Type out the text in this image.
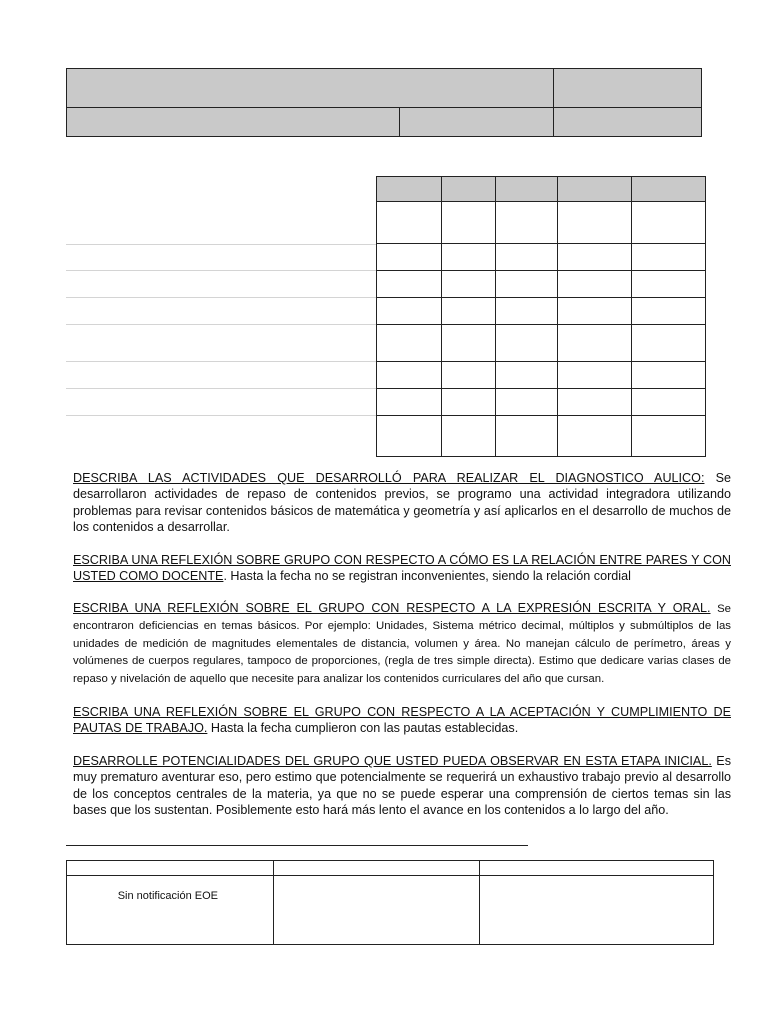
DESCRIBA LAS ACTIVIDADES QUE DESARROLLÓ PARA REALIZAR EL DIAGNOSTICO AULICO: Se desarrollaron actividades de repaso de contenidos previos, se programo una actividad integradora utilizando problemas para revisar contenidos básicos de matemática y geometría y así aplicarlos en el desarrollo de muchos de los contenidos a desarrollar.

ESCRIBA UNA REFLEXIÓN SOBRE GRUPO CON RESPECTO A CÓMO ES LA RELACIÓN ENTRE PARES Y CON USTED COMO DOCENTE. Hasta la fecha no se registran inconvenientes, siendo la relación cordial

ESCRIBA UNA REFLEXIÓN SOBRE EL GRUPO CON RESPECTO A LA EXPRESIÓN ESCRITA Y ORAL. Se encontraron deficiencias en temas básicos. Por ejemplo: Unidades, Sistema métrico decimal, múltiplos y submúltiplos de las unidades de medición de magnitudes elementales de distancia, volumen y área. No manejan cálculo de perímetro, áreas y volúmenes de cuerpos regulares, tampoco de proporciones, (regla de tres simple directa). Estimo que dedicare varias clases de repaso y nivelación de aquello que necesite para analizar los contenidos curriculares del año que cursan.

ESCRIBA UNA REFLEXIÓN SOBRE EL GRUPO CON RESPECTO A LA ACEPTACIÓN Y CUMPLIMIENTO DE PAUTAS DE TRABAJO. Hasta la fecha cumplieron con las pautas establecidas.

DESARROLLE POTENCIALIDADES DEL GRUPO QUE USTED PUEDA OBSERVAR EN ESTA ETAPA INICIAL. Es muy prematuro aventurar eso, pero estimo que potencialmente se requerirá un exhaustivo trabajo previo al desarrollo de los conceptos centrales de la materia, ya que no se puede esperar una comprensión de ciertos temas sin las bases que los sustentan. Posiblemente esto hará más lento el avance en los contenidos a lo largo del año.

Sin notificación EOE		
